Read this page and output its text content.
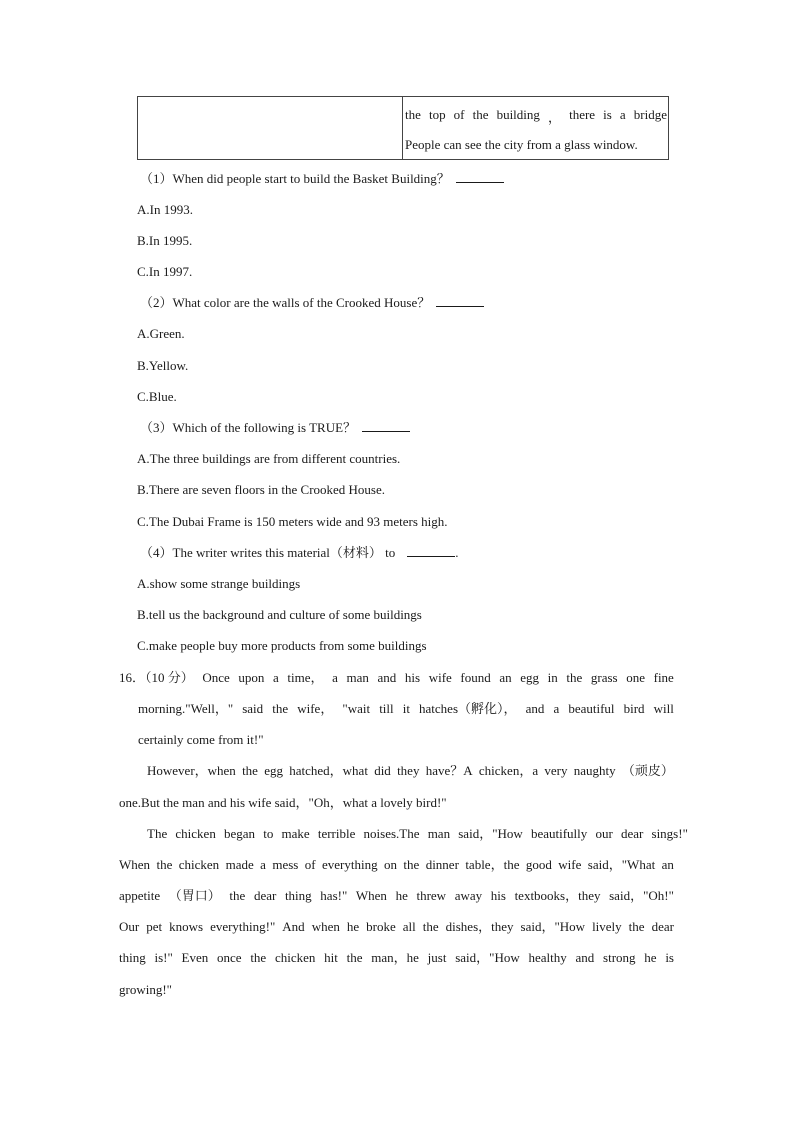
the top of the building ， there is a bridge
People can see the city from a glass window.
（1）When did people start to build the Basket Building？
A.In 1993.
B.In 1995.
C.In 1997.
（2）What color are the walls of the Crooked House？
A.Green.
B.Yellow.
C.Blue.
（3）Which of the following is TRUE？
A.The three buildings are from different countries.
B.There are seven floors in the Crooked House.
C.The Dubai Frame is 150 meters wide and 93 meters high.
（4）The writer writes this material（材料） to	.
A.show some strange buildings
B.tell us the background and culture of some buildings
C.make people buy more products from some buildings
16．（10 分） Once upon a time， a man and his wife found an egg in the grass one fine
morning."Well，" said the wife， "wait till it hatches（孵化）， and a beautiful bird will
certainly come from it!"
However，when the egg hatched，what did they have？A chicken，a very naughty （顽皮）
one.But the man and his wife said，"Oh，what a lovely bird!"
The chicken began to make terrible noises.The man said，"How beautifully our dear sings!"
When the chicken made a mess of everything on the dinner table，the good wife said，"What an
appetite （胃口） the dear thing has!" When he threw away his textbooks，they said，"Oh!"
Our pet knows everything!" And when he broke all the dishes，they said，"How lively the dear
thing is!" Even once the chicken hit the man，he just said，"How healthy and strong he is
growing!"
